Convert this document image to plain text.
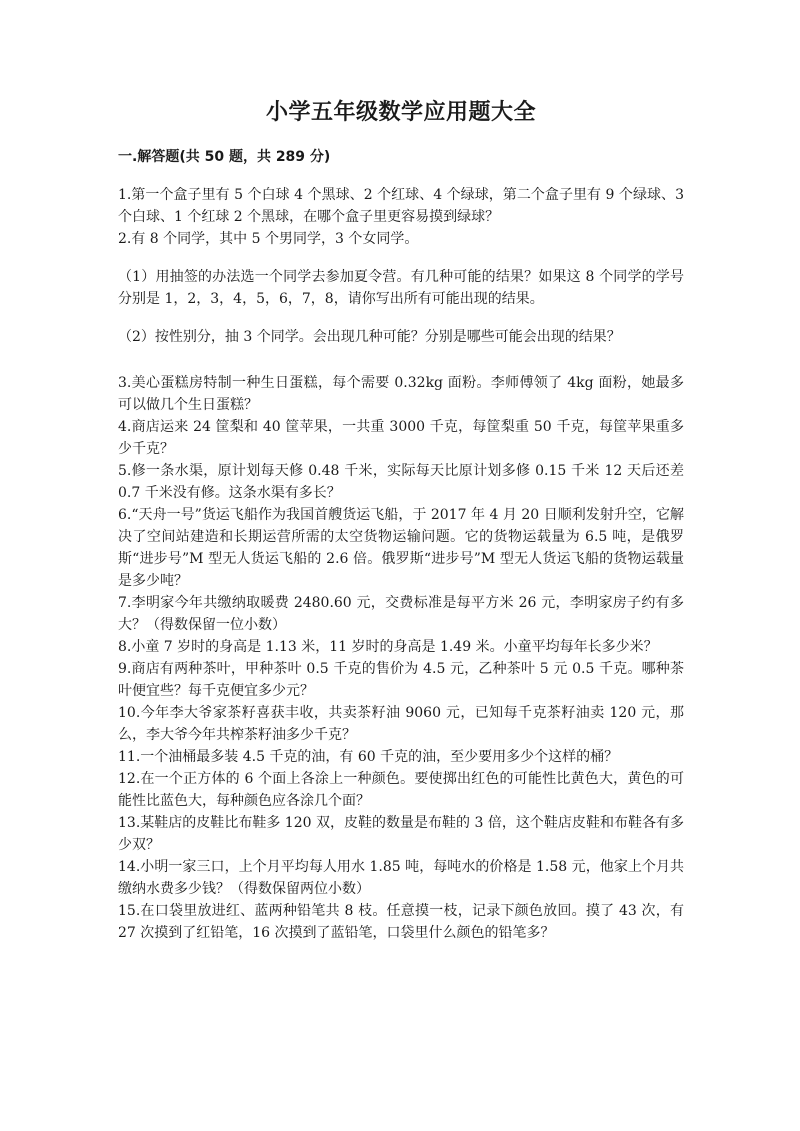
小学五年级数学应用题大全
一.解答题(共 50 题，共 289 分)

1.第一个盒子里有 5 个白球 4 个黑球、2 个红球、4 个绿球，第二个盒子里有 9 个绿球、3 个白球、1 个红球 2 个黑球，在哪个盒子里更容易摸到绿球？

2.有 8 个同学，其中 5 个男同学，3 个女同学。

（1）用抽签的办法选一个同学去参加夏令营。有几种可能的结果？如果这 8 个同学的学号分别是 1，2，3，4，5，6，7，8，请你写出所有可能出现的结果。

（2）按性别分，抽 3 个同学。会出现几种可能？分别是哪些可能会出现的结果？

3.美心蛋糕房特制一种生日蛋糕，每个需要 0.32kg 面粉。李师傅领了 4kg 面粉，她最多可以做几个生日蛋糕？

4.商店运来 24 筐梨和 40 筐苹果，一共重 3000 千克，每筐梨重 50 千克，每筐苹果重多少千克？

5.修一条水渠，原计划每天修 0.48 千米，实际每天比原计划多修 0.15 千米 12 天后还差 0.7 千米没有修。这条水渠有多长？

6.“天舟一号”货运飞船作为我国首艘货运飞船，于 2017 年 4 月 20 日顺利发射升空，它解决了空间站建造和长期运营所需的太空货物运输问题。它的货物运载量为 6.5 吨，是俄罗斯“进步号”M 型无人货运飞船的 2.6 倍。俄罗斯“进步号”M 型无人货运飞船的货物运载量是多少吨？

7.李明家今年共缴纳取暖费 2480.60 元，交费标准是每平方米 26 元，李明家房子约有多大？（得数保留一位小数）

8.小童 7 岁时的身高是 1.13 米，11 岁时的身高是 1.49 米。小童平均每年长多少米？

9.商店有两种茶叶，甲种茶叶 0.5 千克的售价为 4.5 元，乙种茶叶 5 元 0.5 千克。哪种茶叶便宜些？每千克便宜多少元？

10.今年李大爷家茶籽喜获丰收，共卖茶籽油 9060 元，已知每千克茶籽油卖 120 元，那么，李大爷今年共榨茶籽油多少千克？

11.一个油桶最多装 4.5 千克的油，有 60 千克的油，至少要用多少个这样的桶？

12.在一个正方体的 6 个面上各涂上一种颜色。要使掷出红色的可能性比黄色大，黄色的可能性比蓝色大，每种颜色应各涂几个面？

13.某鞋店的皮鞋比布鞋多 120 双，皮鞋的数量是布鞋的 3 倍，这个鞋店皮鞋和布鞋各有多少双？

14.小明一家三口，上个月平均每人用水 1.85 吨，每吨水的价格是 1.58 元，他家上个月共缴纳水费多少钱？（得数保留两位小数）

15.在口袋里放进红、蓝两种铅笔共 8 枝。任意摸一枝，记录下颜色放回。摸了 43 次，有 27 次摸到了红铅笔，16 次摸到了蓝铅笔，口袋里什么颜色的铅笔多？
